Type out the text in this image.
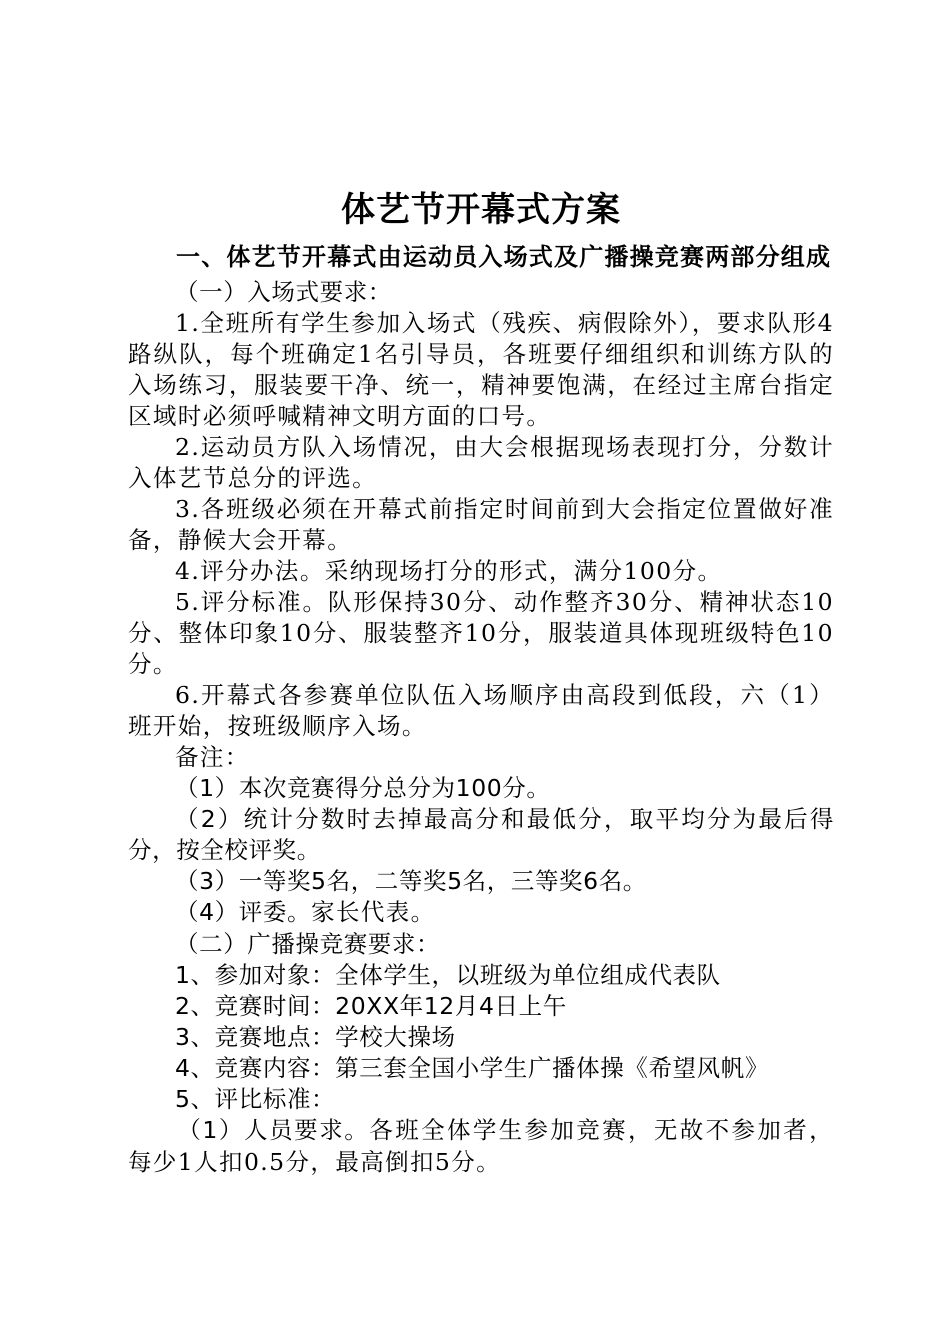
体艺节开幕式方案

一、体艺节开幕式由运动员入场式及广播操竞赛两部分组成

（一）入场式要求：

1.全班所有学生参加入场式（残疾、病假除外），要求队形4路纵队，每个班确定1名引导员，各班要仔细组织和训练方队的入场练习，服装要干净、统一，精神要饱满，在经过主席台指定区域时必须呼喊精神文明方面的口号。

2.运动员方队入场情况，由大会根据现场表现打分，分数计入体艺节总分的评选。

3.各班级必须在开幕式前指定时间前到大会指定位置做好准备，静候大会开幕。

4.评分办法。采纳现场打分的形式，满分100分。

5.评分标准。队形保持30分、动作整齐30分、精神状态10分、整体印象10分、服装整齐10分，服装道具体现班级特色10分。

6.开幕式各参赛单位队伍入场顺序由高段到低段，六（1）班开始，按班级顺序入场。

备注：

（1）本次竞赛得分总分为100分。

（2）统计分数时去掉最高分和最低分，取平均分为最后得分，按全校评奖。

（3）一等奖5名，二等奖5名，三等奖6名。

（4）评委。家长代表。

（二）广播操竞赛要求：

1、参加对象：全体学生，以班级为单位组成代表队

2、竞赛时间：20XX年12月4日上午

3、竞赛地点：学校大操场

4、竞赛内容：第三套全国小学生广播体操《希望风帆》

5、评比标准：

（1）人员要求。各班全体学生参加竞赛，无故不参加者，每少1人扣0.5分，最高倒扣5分。
